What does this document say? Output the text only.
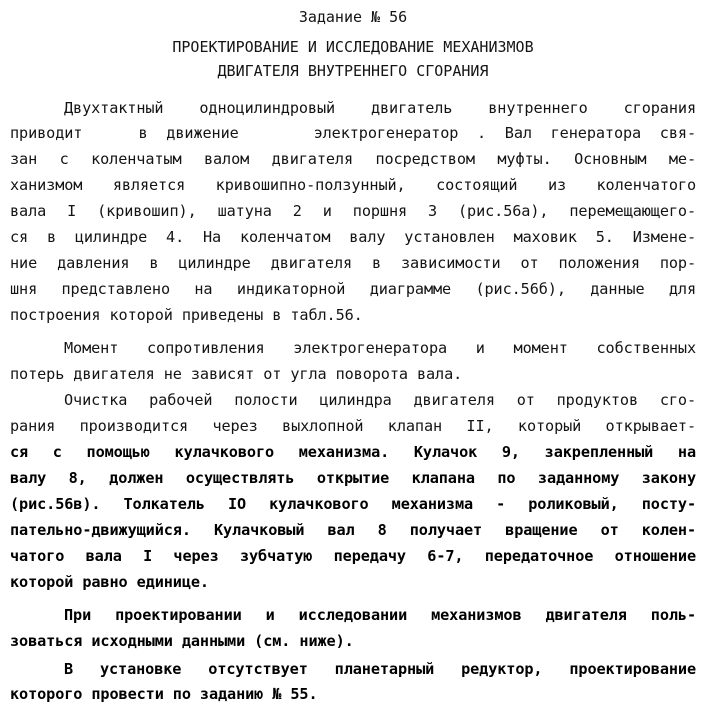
Задание № 56
ПРОЕКТИРОВАНИЕ И ИССЛЕДОВАНИЕ МЕХАНИЗМОВ
ДВИГАТЕЛЯ ВНУТРЕННЕГО СГОРАНИЯ
Двухтактный одноцилиндровый двигатель внутреннего сгорания
приводит   в движение    электрогенератор . Вал генератора свя-
зан с коленчатым валом двигателя посредством муфты. Основным ме-
ханизмом является кривошипно-ползунный, состоящий из коленчатого
вала I (кривошип), шатуна 2 и поршня 3 (рис.56а), перемещающего-
ся в цилиндре 4. На коленчатом валу установлен маховик 5. Измене-
ние давления в цилиндре двигателя в зависимости от положения пор-
шня представлено на индикаторной диаграмме (рис.56б), данные для
построения которой приведены в табл.56.
Момент сопротивления электрогенератора и момент собственных
потерь двигателя не зависят от угла поворота вала.
Очистка рабочей полости цилиндра двигателя от продуктов сго-
рания производится через выхлопной клапан II, который открывает-
ся с помощью кулачкового механизма. Кулачок 9, закрепленный на
валу 8, должен осуществлять открытие клапана по заданному закону
(рис.56в). Толкатель IO кулачкового механизма - роликовый, посту-
пательно-движущийся. Кулачковый вал 8 получает вращение от колен-
чатого вала I через зубчатую передачу 6-7, передаточное отношение
которой равно единице.
При проектировании и исследовании механизмов двигателя поль-
зоваться исходными данными (см. ниже).
В установке отсутствует планетарный редуктор, проектирование
которого провести по заданию № 55.
